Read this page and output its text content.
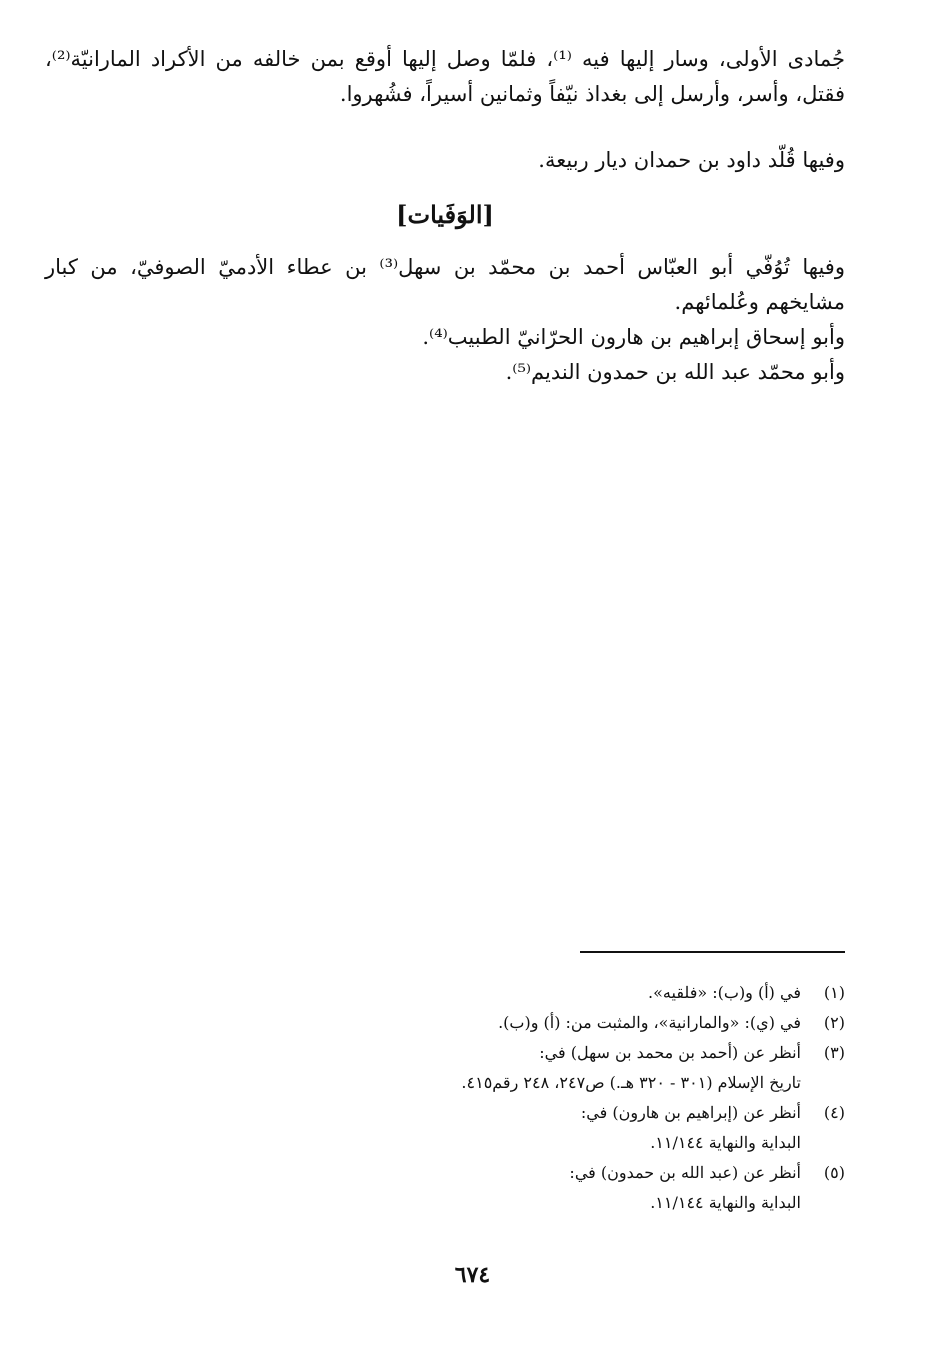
جُمادى الأولى، وسار إليها فيه ⁽¹⁾، فلمّا وصل إليها أوقع بمن خالفه من الأكراد المارانيّة⁽²⁾، فقتل، وأسر، وأرسل إلى بغداذ نيّفاً وثمانين أسيراً، فشُهروا.

وفيها قُلّد داود بن حمدان ديار ربيعة.

[الوَفَيات]
وفيها تُوُفّي أبو العبّاس أحمد بن محمّد بن سهل⁽³⁾ بن عطاء الأدميّ الصوفيّ، من كبار مشايخهم وعُلمائهم.
وأبو إسحاق إبراهيم بن هارون الحرّانيّ الطبيب⁽⁴⁾.
وأبو محمّد عبد الله بن حمدون النديم⁽⁵⁾.
(١)
في (أ) و(ب): «فلقيه».
(٢)
في (ي): «والمارانية»، والمثبت من: (أ) و(ب).
(٣)
أنظر عن (أحمد بن محمد بن سهل) في:
تاريخ الإسلام (٣٠١ - ٣٢٠ هـ.) ص٢٤٧، ٢٤٨ رقم٤١٥.
(٤)
أنظر عن (إبراهيم بن هارون) في:
البداية والنهاية ١١/١٤٤.
(٥)
أنظر عن (عبد الله بن حمدون) في:
البداية والنهاية ١١/١٤٤.
٦٧٤
